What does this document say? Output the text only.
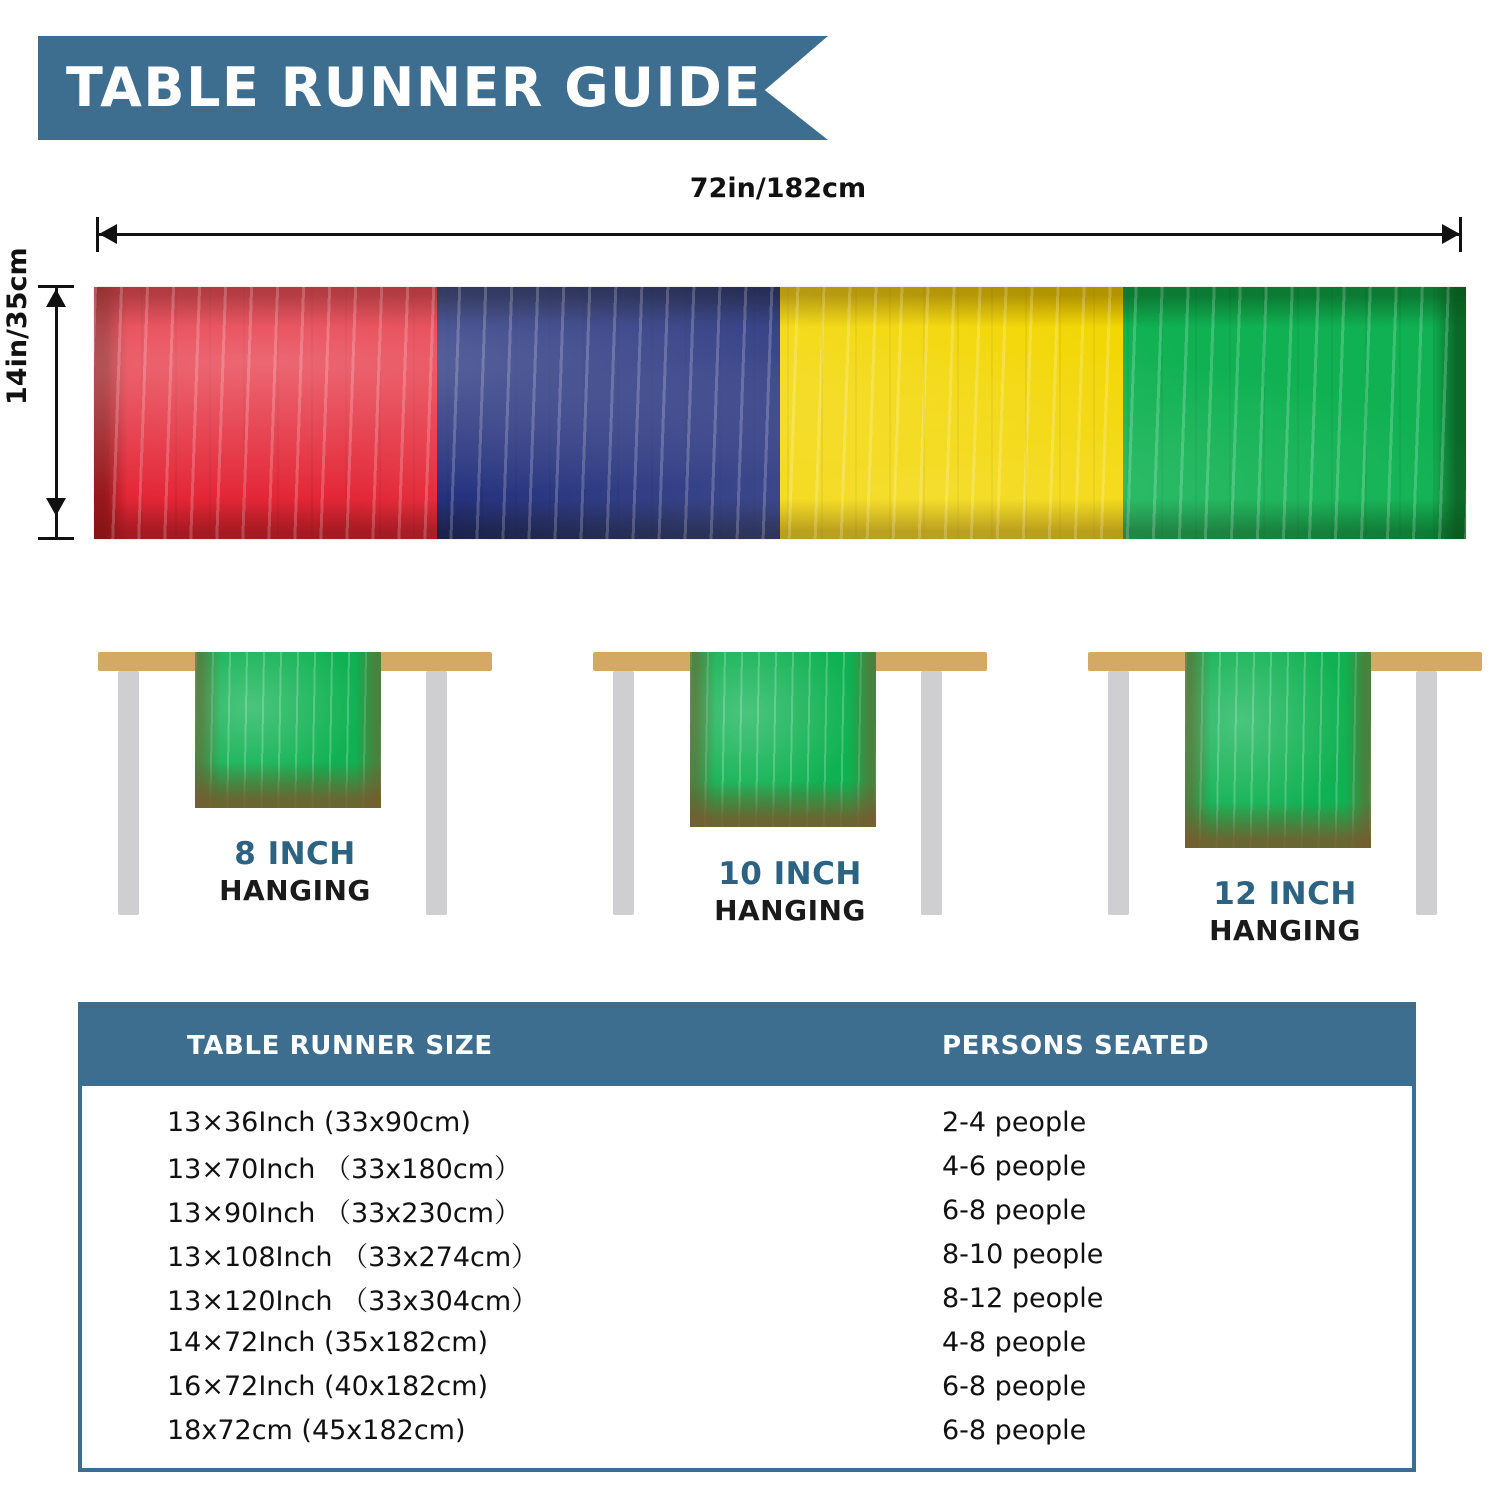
TABLE RUNNER GUIDE
72in/182cm
14in/35cm
8 INCH
HANGING	10 INCH
HANGING	12 INCH
HANGING
TABLE RUNNER SIZE	PERSONS SEATED
13×36Inch (33x90cm)	2-4 people
13×70Inch （33x180cm）	4-6 people
13×90Inch （33x230cm）	6-8 people
13×108Inch （33x274cm）	8-10 people
13×120Inch （33x304cm）	8-12 people
14×72Inch (35x182cm)	4-8 people
16×72Inch (40x182cm)	6-8 people
18x72cm (45x182cm)	6-8 people
